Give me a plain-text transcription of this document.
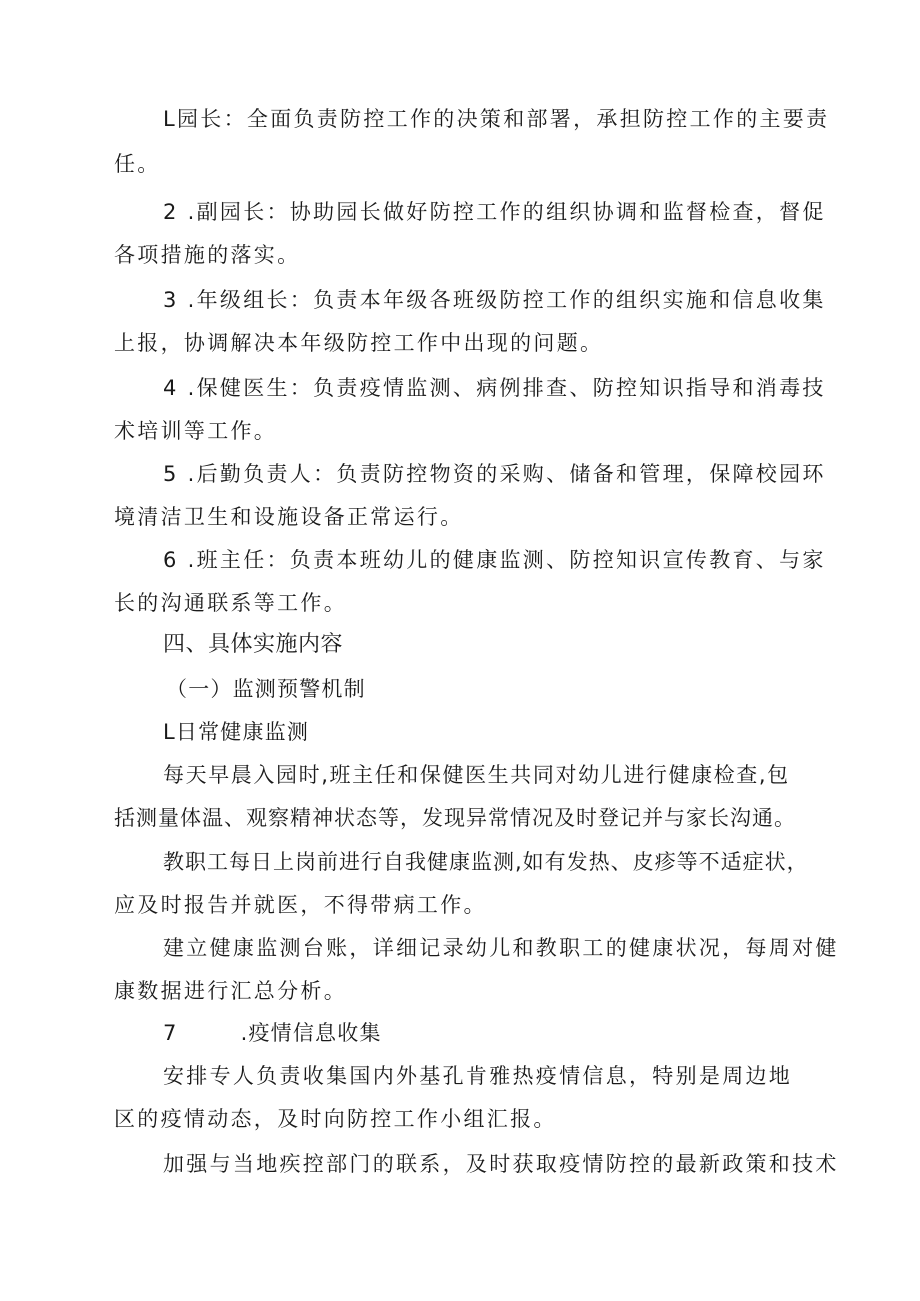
L园长：全面负责防控工作的决策和部署，承担防控工作的主要责
任。
2 .副园长：协助园长做好防控工作的组织协调和监督检查，督促
各项措施的落实。
3 .年级组长：负责本年级各班级防控工作的组织实施和信息收集
上报，协调解决本年级防控工作中出现的问题。
4 .保健医生：负责疫情监测、病例排查、防控知识指导和消毒技
术培训等工作。
5 .后勤负责人：负责防控物资的采购、储备和管理，保障校园环
境清洁卫生和设施设备正常运行。
6 .班主任：负责本班幼儿的健康监测、防控知识宣传教育、与家
长的沟通联系等工作。
四、具体实施内容
（一）监测预警机制
L日常健康监测
每天早晨入园时,班主任和保健医生共同对幼儿进行健康检查,包
括测量体温、观察精神状态等，发现异常情况及时登记并与家长沟通。
教职工每日上岗前进行自我健康监测,如有发热、皮疹等不适症状，
应及时报告并就医，不得带病工作。
建立健康监测台账，详细记录幼儿和教职工的健康状况，每周对健
康数据进行汇总分析。
7        .疫情信息收集
安排专人负责收集国内外基孔肯雅热疫情信息，特别是周边地
区的疫情动态，及时向防控工作小组汇报。
加强与当地疾控部门的联系，及时获取疫情防控的最新政策和技术
